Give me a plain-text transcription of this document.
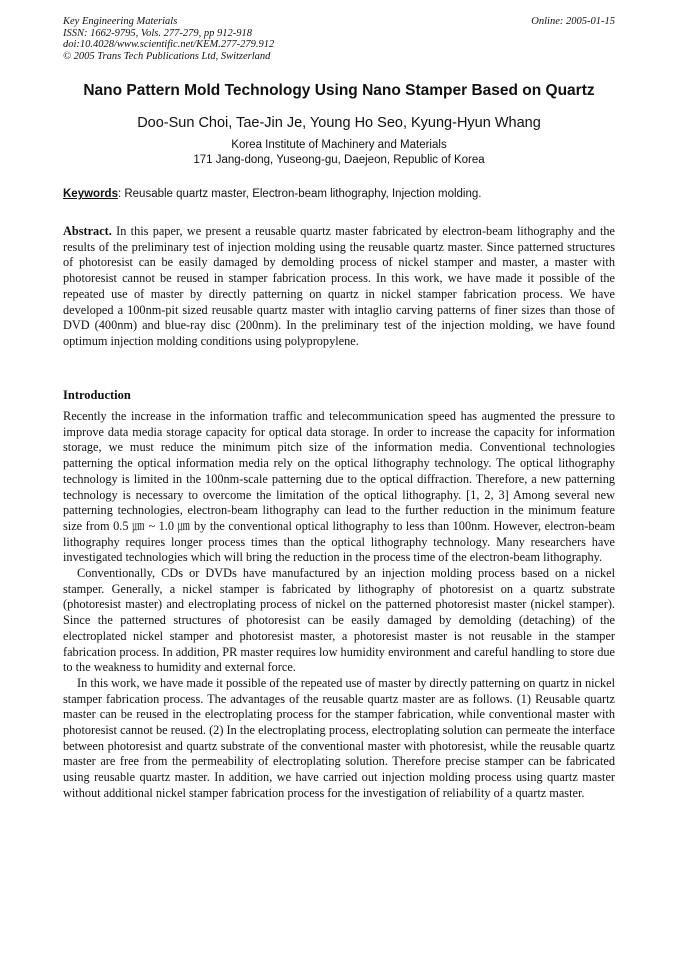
Key Engineering Materials
ISSN: 1662-9795, Vols. 277-279, pp 912-918
doi:10.4028/www.scientific.net/KEM.277-279.912
© 2005 Trans Tech Publications Ltd, Switzerland
Online: 2005-01-15
Nano Pattern Mold Technology Using Nano Stamper Based on Quartz
Doo-Sun Choi, Tae-Jin Je, Young Ho Seo, Kyung-Hyun Whang
Korea Institute of Machinery and Materials
171 Jang-dong, Yuseong-gu, Daejeon, Republic of Korea
Keywords: Reusable quartz master, Electron-beam lithography, Injection molding.
Abstract. In this paper, we present a reusable quartz master fabricated by electron-beam lithography and the results of the preliminary test of injection molding using the reusable quartz master. Since patterned structures of photoresist can be easily damaged by demolding process of nickel stamper and master, a master with photoresist cannot be reused in stamper fabrication process. In this work, we have made it possible of the repeated use of master by directly patterning on quartz in nickel stamper fabrication process. We have developed a 100nm-pit sized reusable quartz master with intaglio carving patterns of finer sizes than those of DVD (400nm) and blue-ray disc (200nm). In the preliminary test of the injection molding, we have found optimum injection molding conditions using polypropylene.
Introduction

Recently the increase in the information traffic and telecommunication speed has augmented the pressure to improve data media storage capacity for optical data storage. In order to increase the capacity for information storage, we must reduce the minimum pitch size of the information media. Conventional technologies patterning the optical information media rely on the optical lithography technology. The optical lithography technology is limited in the 100nm-scale patterning due to the optical diffraction. Therefore, a new patterning technology is necessary to overcome the limitation of the optical lithography. [1, 2, 3] Among several new patterning technologies, electron-beam lithography can lead to the further reduction in the minimum feature size from 0.5 ㎛ ~ 1.0 ㎛ by the conventional optical lithography to less than 100nm. However, electron-beam lithography requires longer process times than the optical lithography technology. Many researchers have investigated technologies which will bring the reduction in the process time of the electron-beam lithography.

Conventionally, CDs or DVDs have manufactured by an injection molding process based on a nickel stamper. Generally, a nickel stamper is fabricated by lithography of photoresist on a quartz substrate (photoresist master) and electroplating process of nickel on the patterned photoresist master (nickel stamper). Since the patterned structures of photoresist can be easily damaged by demolding (detaching) of the electroplated nickel stamper and photoresist master, a photoresist master is not reusable in the stamper fabrication process. In addition, PR master requires low humidity environment and careful handling to store due to the weakness to humidity and external force.

In this work, we have made it possible of the repeated use of master by directly patterning on quartz in nickel stamper fabrication process. The advantages of the reusable quartz master are as follows. (1) Reusable quartz master can be reused in the electroplating process for the stamper fabrication, while conventional master with photoresist cannot be reused. (2) In the electroplating process, electroplating solution can permeate the interface between photoresist and quartz substrate of the conventional master with photoresist, while the reusable quartz master are free from the permeability of electroplating solution. Therefore precise stamper can be fabricated using reusable quartz master. In addition, we have carried out injection molding process using quartz master without additional nickel stamper fabrication process for the investigation of reliability of a quartz master.
